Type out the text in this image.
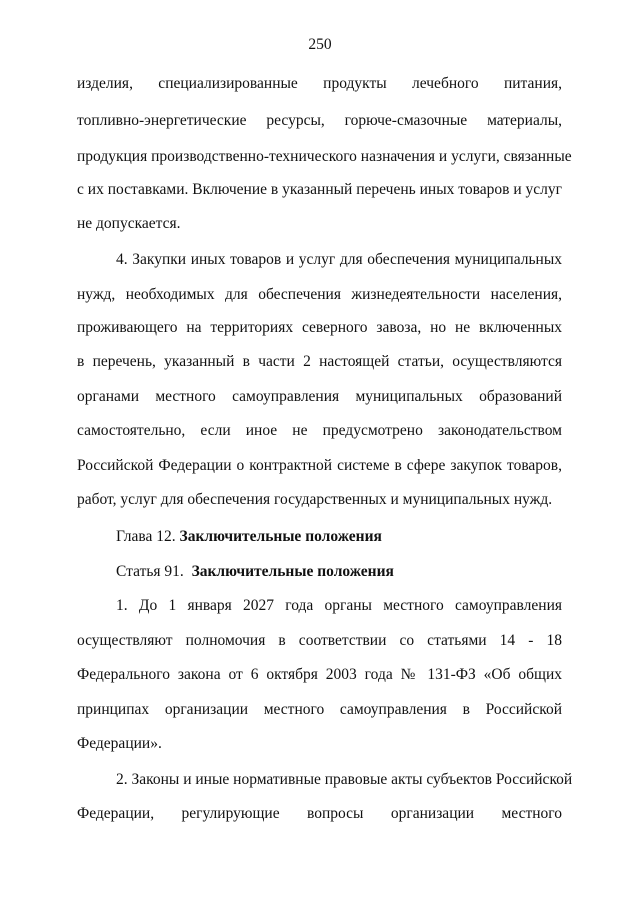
250
изделия, специализированные продукты лечебного питания,
топливно-энергетические ресурсы, горюче-смазочные материалы,
продукция производственно-технического назначения и услуги, связанные
с их поставками. Включение в указанный перечень иных товаров и услуг
не допускается.
4. Закупки иных товаров и услуг для обеспечения муниципальных
нужд, необходимых для обеспечения жизнедеятельности населения,
проживающего на территориях северного завоза, но не включенных
в перечень, указанный в части 2 настоящей статьи, осуществляются
органами местного самоуправления муниципальных образований
самостоятельно, если иное не предусмотрено законодательством
Российской Федерации о контрактной системе в сфере закупок товаров,
работ, услуг для обеспечения государственных и муниципальных нужд.
Глава 12. Заключительные положения
Статья 91.  Заключительные положения
1. До 1 января 2027 года органы местного самоуправления
осуществляют полномочия в соответствии со статьями 14 - 18
Федерального закона от 6 октября 2003 года № 131-ФЗ «Об общих
принципах организации местного самоуправления в Российской
Федерации».
2. Законы и иные нормативные правовые акты субъектов Российской
Федерации, регулирующие вопросы организации местного
